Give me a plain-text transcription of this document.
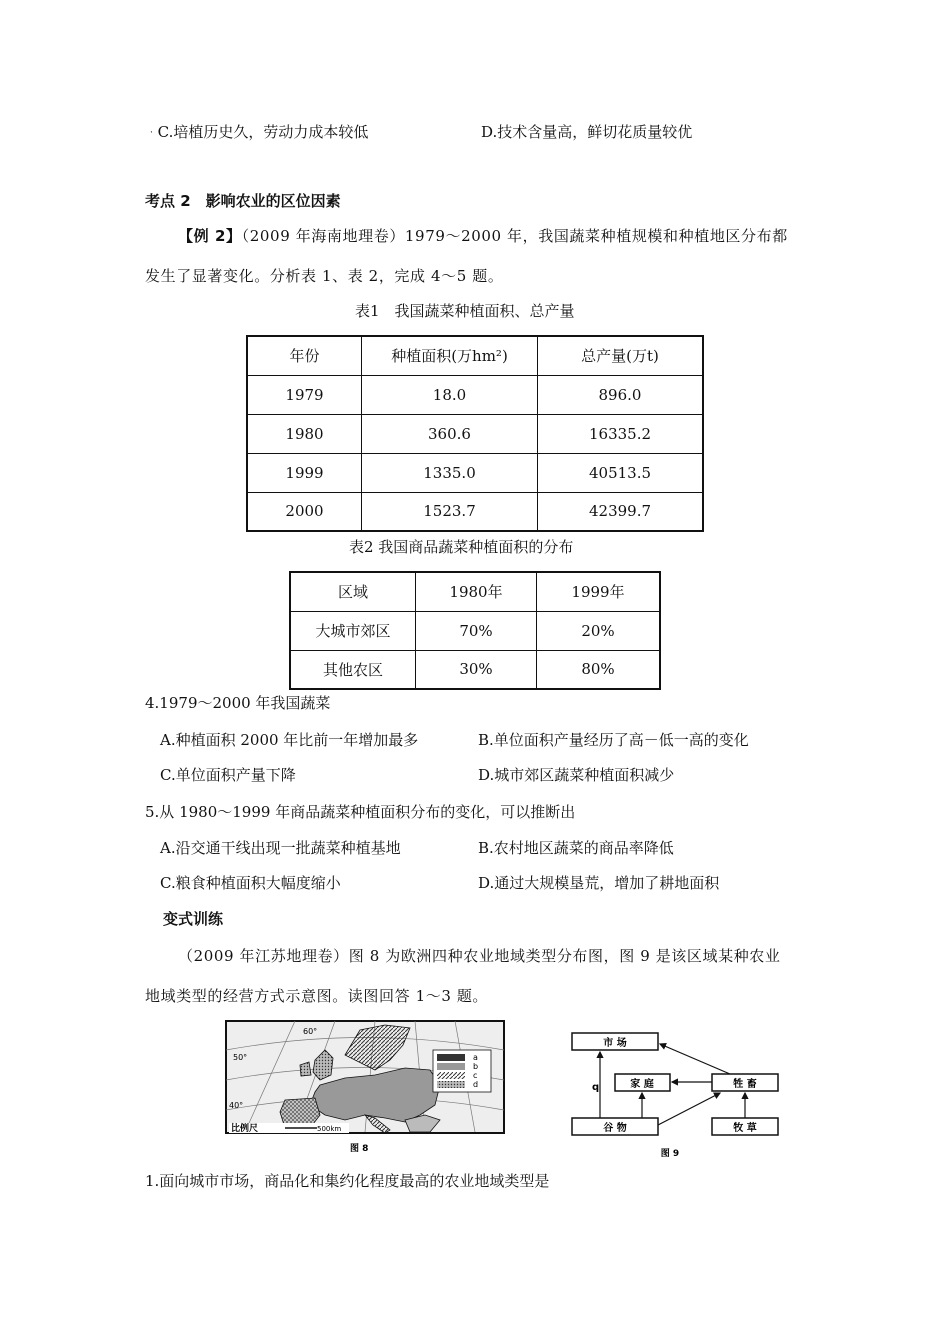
· C.培植历史久，劳动力成本较低	D.技术含量高，鲜切花质量较优
考点 2　影响农业的区位因素
【例 2】（2009 年海南地理卷）1979～2000 年，我国蔬菜种植规模和种植地区分布都
发生了显著变化。分析表 1、表 2，完成 4～5 题。
表1　我国蔬菜种植面积、总产量
年份	种植面积(万hm²)	总产量(万t)
1979	18.0	896.0
1980	360.6	16335.2
1999	1335.0	40513.5
2000	1523.7	42399.7
表2 我国商品蔬菜种植面积的分布
区域	1980年	1999年
大城市郊区	70%	20%
其他农区	30%	80%
4.1979～2000 年我国蔬菜
A.种植面积 2000 年比前一年增加最多	B.单位面积产量经历了高－低一高的变化
C.单位面积产量下降	D.城市郊区蔬菜种植面积减少
5.从 1980～1999 年商品蔬菜种植面积分布的变化，可以推断出
A.沿交通干线出现一批蔬菜种植基地	B.农村地区蔬菜的商品率降低
C.粮食种植面积大幅度缩小	D.通过大规模垦荒，增加了耕地面积
变式训练
（2009 年江苏地理卷）图 8 为欧洲四种农业地域类型分布图，图 9 是该区域某种农业
地域类型的经营方式示意图。读图回答 1～3 题。
60°
50°
40°
a
b
c
d
比例尺	500km
图 8
市 场
家 庭	牲 畜
谷 物	牧 草
q
图 9
1.面向城市市场，商品化和集约化程度最高的农业地域类型是
